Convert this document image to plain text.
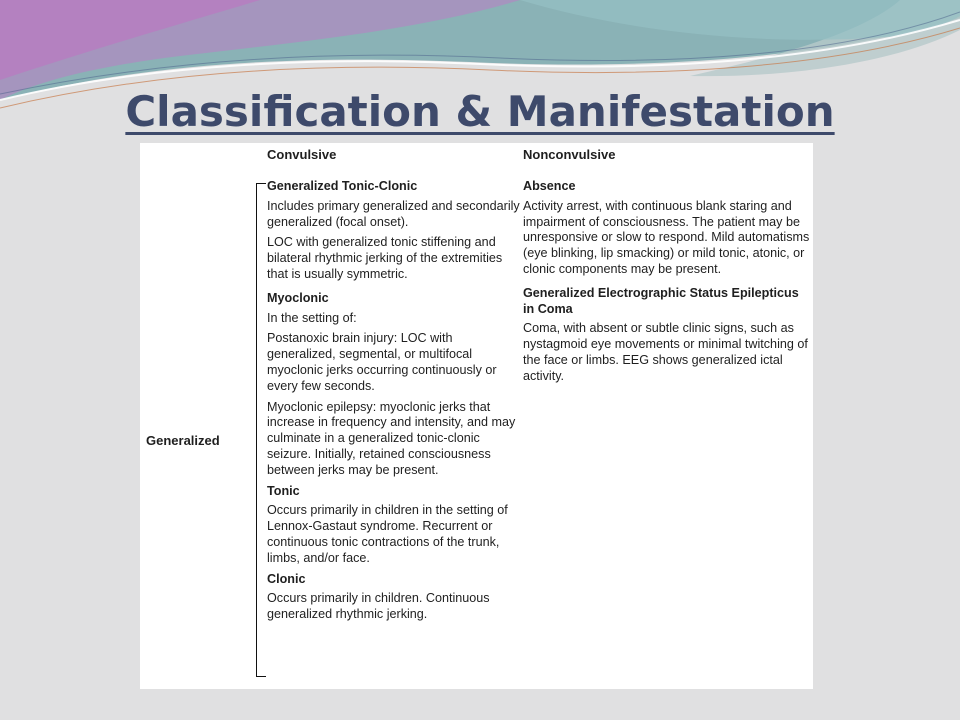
Classification & Manifestation
Generalized
Convulsive
Generalized Tonic-Clonic
Includes primary generalized and secondarily generalized (focal onset).
LOC with generalized tonic stiffening and bilateral rhythmic jerking of the extremities that is usually symmetric.
Myoclonic
In the setting of:
Postanoxic brain injury: LOC with generalized, segmental, or multifocal myoclonic jerks occurring continuously or every few seconds.
Myoclonic epilepsy: myoclonic jerks that increase in frequency and intensity, and may culminate in a generalized tonic-clonic seizure. Initially, retained consciousness between jerks may be present.
Tonic
Occurs primarily in children in the setting of Lennox-Gastaut syndrome. Recurrent or continuous tonic contractions of the trunk, limbs, and/or face.
Clonic
Occurs primarily in children. Continuous generalized rhythmic jerking.
Nonconvulsive
Absence
Activity arrest, with continuous blank staring and impairment of consciousness. The patient may be unresponsive or slow to respond. Mild automatisms (eye blinking, lip smacking) or mild tonic, atonic, or clonic components may be present.
Generalized Electrographic Status Epilepticus in Coma
Coma, with absent or subtle clinic signs, such as nystagmoid eye movements or minimal twitching of the face or limbs. EEG shows generalized ictal activity.
